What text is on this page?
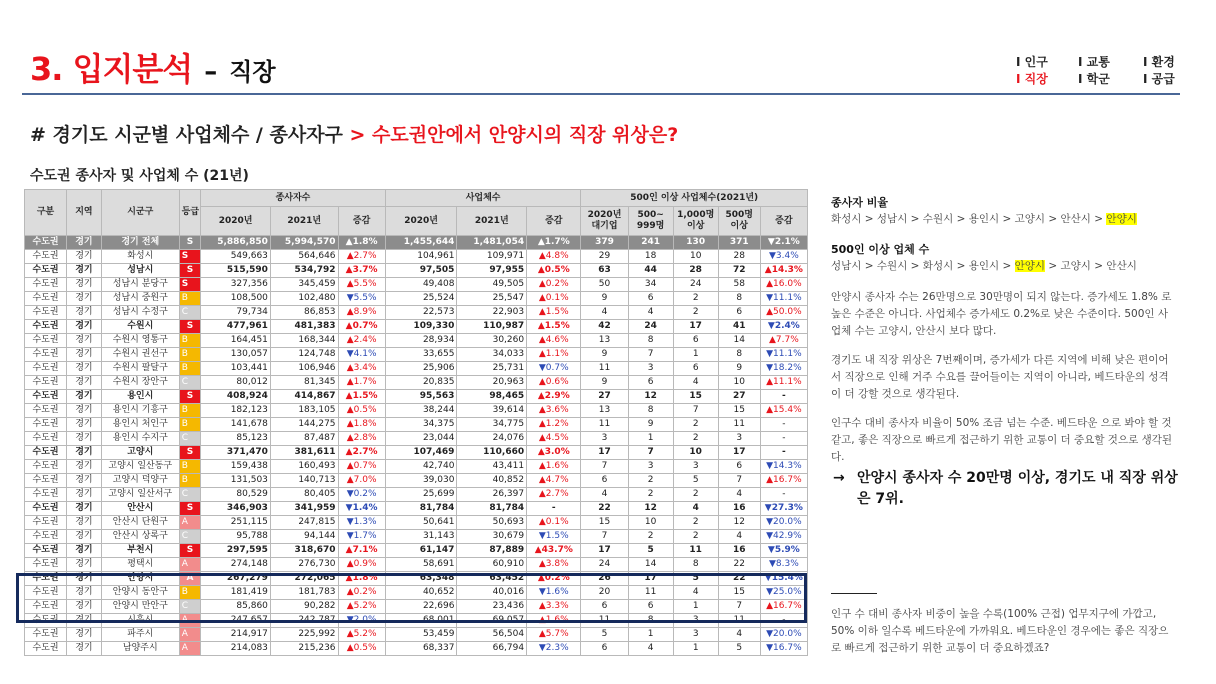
3. 입지분석 – 직장	I 인구
I 직장
I 교통
I 학군
I 환경
I 공급
# 경기도 시군별 사업체수 / 종사자구 > 수도권안에서 안양시의 직장 위상은?
수도권 종사자 및 사업체 수 (21년)
구분	지역	시군구	등급	종사자수			사업체수			500인 이상 사업체수(2021년)				
				2020년	2021년	증감	2020년	2021년	증감	2020년 대기업	500~ 999명	1,000명 이상	500명 이상	증감
수도권	경기	경기 전체	S	5,886,850	5,994,570	▲1.8%	1,455,644	1,481,054	▲1.7%	379	241	130	371	▼2.1%
수도권	경기	화성시	S	549,663	564,646	▲2.7%	104,961	109,971	▲4.8%	29	18	10	28	▼3.4%
수도권	경기	성남시	S	515,590	534,792	▲3.7%	97,505	97,955	▲0.5%	63	44	28	72	▲14.3%
수도권	경기	성남시 분당구	S	327,356	345,459	▲5.5%	49,408	49,505	▲0.2%	50	34	24	58	▲16.0%
수도권	경기	성남시 중원구	B	108,500	102,480	▼5.5%	25,524	25,547	▲0.1%	9	6	2	8	▼11.1%
수도권	경기	성남시 수정구	C	79,734	86,853	▲8.9%	22,573	22,903	▲1.5%	4	4	2	6	▲50.0%
수도권	경기	수원시	S	477,961	481,383	▲0.7%	109,330	110,987	▲1.5%	42	24	17	41	▼2.4%
수도권	경기	수원시 영통구	B	164,451	168,344	▲2.4%	28,934	30,260	▲4.6%	13	8	6	14	▲7.7%
수도권	경기	수원시 권선구	B	130,057	124,748	▼4.1%	33,655	34,033	▲1.1%	9	7	1	8	▼11.1%
수도권	경기	수원시 팔달구	B	103,441	106,946	▲3.4%	25,906	25,731	▼0.7%	11	3	6	9	▼18.2%
수도권	경기	수원시 장안구	C	80,012	81,345	▲1.7%	20,835	20,963	▲0.6%	9	6	4	10	▲11.1%
수도권	경기	용인시	S	408,924	414,867	▲1.5%	95,563	98,465	▲2.9%	27	12	15	27	-
수도권	경기	용인시 기흥구	B	182,123	183,105	▲0.5%	38,244	39,614	▲3.6%	13	8	7	15	▲15.4%
수도권	경기	용인시 처인구	B	141,678	144,275	▲1.8%	34,375	34,775	▲1.2%	11	9	2	11	-
수도권	경기	용인시 수지구	C	85,123	87,487	▲2.8%	23,044	24,076	▲4.5%	3	1	2	3	-
수도권	경기	고양시	S	371,470	381,611	▲2.7%	107,469	110,660	▲3.0%	17	7	10	17	-
수도권	경기	고양시 일산동구	B	159,438	160,493	▲0.7%	42,740	43,411	▲1.6%	7	3	3	6	▼14.3%
수도권	경기	고양시 덕양구	B	131,503	140,713	▲7.0%	39,030	40,852	▲4.7%	6	2	5	7	▲16.7%
수도권	경기	고양시 일산서구	C	80,529	80,405	▼0.2%	25,699	26,397	▲2.7%	4	2	2	4	-
수도권	경기	안산시	S	346,903	341,959	▼1.4%	81,784	81,784	-	22	12	4	16	▼27.3%
수도권	경기	안산시 단원구	A	251,115	247,815	▼1.3%	50,641	50,693	▲0.1%	15	10	2	12	▼20.0%
수도권	경기	안산시 상록구	C	95,788	94,144	▼1.7%	31,143	30,679	▼1.5%	7	2	2	4	▼42.9%
수도권	경기	부천시	S	297,595	318,670	▲7.1%	61,147	87,889	▲43.7%	17	5	11	16	▼5.9%
수도권	경기	평택시	A	274,148	276,730	▲0.9%	58,691	60,910	▲3.8%	24	14	8	22	▼8.3%
수도권	경기	안양시	A	267,279	272,065	▲1.8%	63,348	63,452	▲0.2%	26	17	5	22	▼15.4%
수도권	경기	안양시 동안구	B	181,419	181,783	▲0.2%	40,652	40,016	▼1.6%	20	11	4	15	▼25.0%
수도권	경기	안양시 만안구	C	85,860	90,282	▲5.2%	22,696	23,436	▲3.3%	6	6	1	7	▲16.7%
수도권	경기	시흥시	A	247,657	242,787	▼2.0%	68,001	69,057	▲1.6%	11	8	3	11	-
수도권	경기	파주시	A	214,917	225,992	▲5.2%	53,459	56,504	▲5.7%	5	1	3	4	▼20.0%
수도권	경기	남양주시	A	214,083	215,236	▲0.5%	68,337	66,794	▼2.3%	6	4	1	5	▼16.7%
종사자 비율
화성시 > 성남시 > 수원시 > 용인시 > 고양시 > 안산시 > 안양시
500인 이상 업체 수
성남시 > 수원시 > 화성시 > 용인시 > 안양시 > 고양시 > 안산시
안양시 종사자 수는 26만명으로 30만명이 되지 않는다. 증가세도 1.8% 로 높은 수준은 아니다. 사업체수 증가세도 0.2%로 낮은 수준이다. 500인 사업체 수는 고양시, 안산시 보다 많다.
경기도 내 직장 위상은 7번째이며, 증가세가 다른 지역에 비해 낮은 편이어서 직장으로 인해 거주 수요를 끌어들이는 지역이 아니라, 베드타운의 성격이 더 강할 것으로 생각된다.
인구수 대비 종사자 비율이 50% 조금 넘는 수준. 베드타운 으로 봐야 할 것 같고, 좋은 직장으로 빠르게 접근하기 위한 교통이 더 중요할 것으로 생각된다.
→ 안양시 종사자 수 20만명 이상, 경기도 내 직장 위상
은 7위.
인구 수 대비 종사자 비중이 높을 수록(100% 근접) 업무지구에 가깝고, 50% 이하 일수록 베드타운에 가까워요. 베드타운인 경우에는 좋은 직장으로 빠르게 접근하기 위한 교통이 더 중요하겠죠?
